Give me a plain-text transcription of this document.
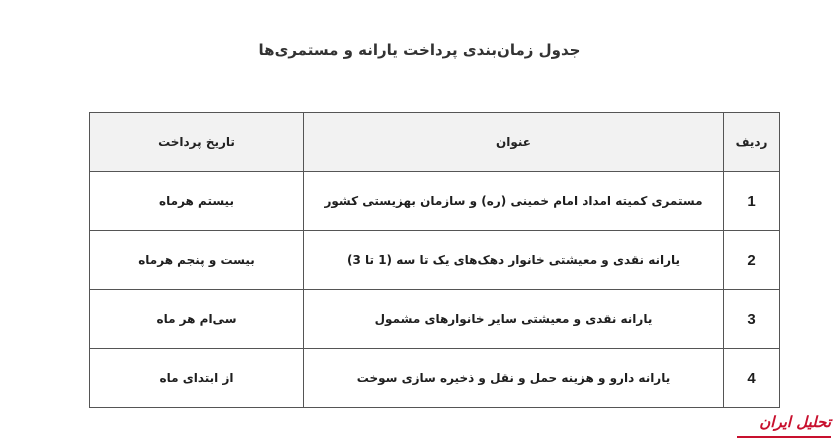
جدول زمان‌بندی پرداخت یارانه و مستمری‌ها
ردیف	عنوان	تاریخ پرداخت
1	مستمری کمیته امداد امام خمینی (ره) و سازمان بهزیستی کشور	بیستم هرماه
2	یارانه نقدی و معیشتی خانوار دهک‌های یک تا سه (1 تا 3)	بیست و پنجم هرماه
3	یارانه نقدی و معیشتی سایر خانوارهای مشمول	سی‌ام هر ماه
4	یارانه دارو و هزینه حمل و نقل و ذخیره سازی سوخت	از ابتدای ماه
تحلیل ایران
